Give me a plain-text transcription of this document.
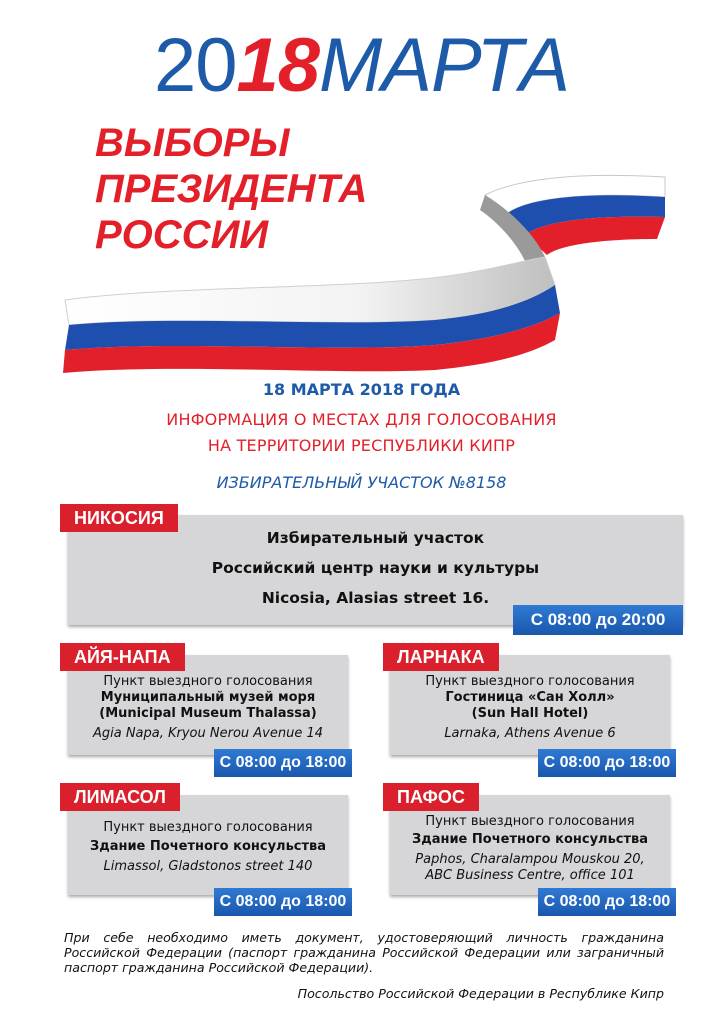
2018МАРТА
ВЫБОРЫ
ПРЕЗИДЕНТА
РОССИИ
18 МАРТА 2018 ГОДА
ИНФОРМАЦИЯ О МЕСТАХ ДЛЯ ГОЛОСОВАНИЯ
НА ТЕРРИТОРИИ РЕСПУБЛИКИ КИПР
ИЗБИРАТЕЛЬНЫЙ УЧАСТОК №8158
Избирательный участок
Российский центр науки и культуры
Nicosia, Alasias street 16.
НИКОСИЯ
С 08:00 до 20:00
Пункт выездного голосования
Муниципальный музей моря
(Municipal Museum Thalassa)
Agia Napa, Kryou Nerou Avenue 14
АЙЯ-НАПА
С 08:00 до 18:00
Пункт выездного голосования
Гостиница «Сан Холл»
(Sun Hall Hotel)
Larnaka, Athens Avenue 6
ЛАРНАКА
С 08:00 до 18:00
Пункт выездного голосования
Здание Почетного консульства
Limassol, Gladstonos street 140
ЛИМАСОЛ
С 08:00 до 18:00
Пункт выездного голосования
Здание Почетного консульства
Paphos, Charalampou Mouskou 20,
ABC Business Centre, office 101
ПАФОС
С 08:00 до 18:00
При себе необходимо иметь документ, удостоверяющий личность гражданина Российской Федерации (паспорт гражданина Российской Федерации или заграничный паспорт гражданина Российской Федерации).
Посольство Российской Федерации в Республике Кипр
